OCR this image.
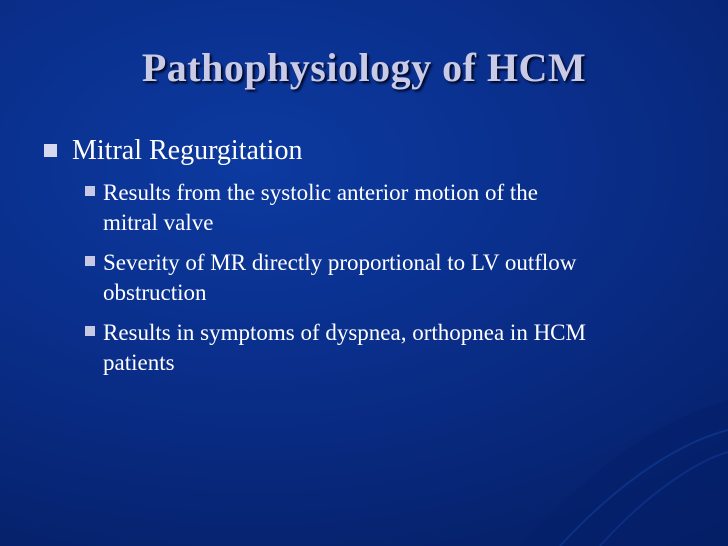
Pathophysiology of HCM
Mitral Regurgitation
Results from the systolic anterior motion of the
mitral valve
Severity of MR directly proportional to LV outflow
obstruction
Results in symptoms of dyspnea, orthopnea in HCM
patients
